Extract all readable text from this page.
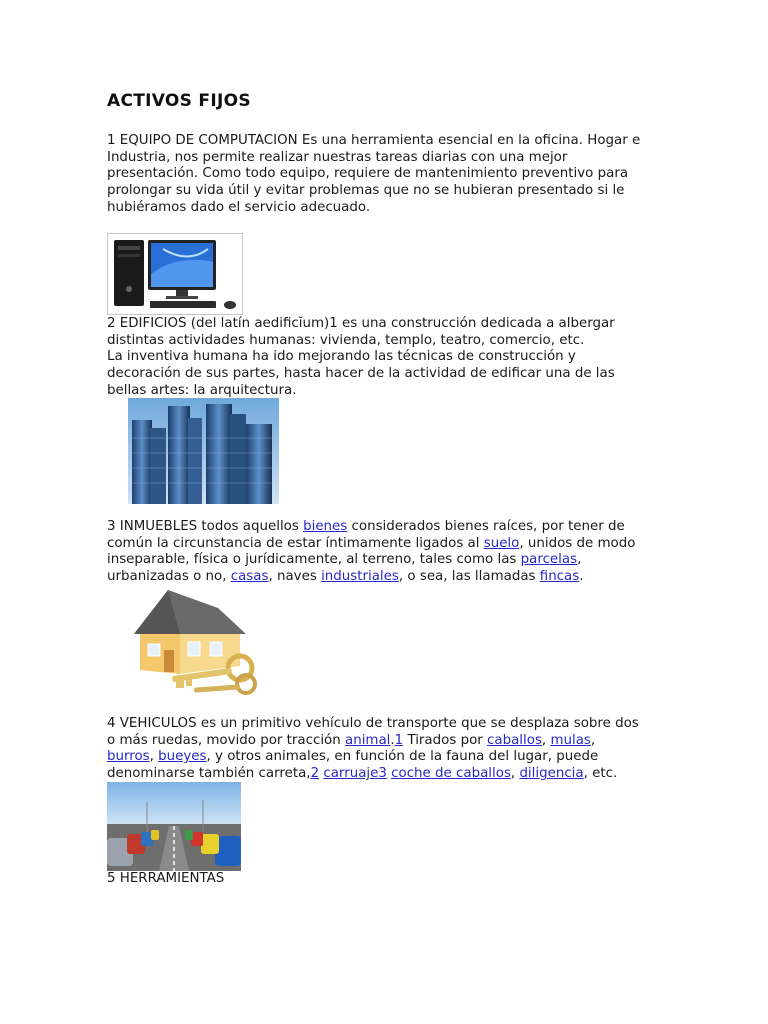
ACTIVOS FIJOS

1 EQUIPO DE COMPUTACION Es una herramienta esencial en la oficina. Hogar e
Industria, nos permite realizar nuestras tareas diarias con una mejor
presentación. Como todo equipo, requiere de mantenimiento preventivo para
prolongar su vida útil y evitar problemas que no se hubieran presentado si le
hubiéramos dado el servicio adecuado.

2 EDIFICIOS (del latín aedificĭum)1 es una construcción dedicada a albergar
distintas actividades humanas: vivienda, templo, teatro, comercio, etc.
La inventiva humana ha ido mejorando las técnicas de construcción y
decoración de sus partes, hasta hacer de la actividad de edificar una de las
bellas artes: la arquitectura.

3 INMUEBLES todos aquellos bienes considerados bienes raíces, por tener de
común la circunstancia de estar íntimamente ligados al suelo, unidos de modo
inseparable, física o jurídicamente, al terreno, tales como las parcelas,
urbanizadas o no, casas, naves industriales, o sea, las llamadas fincas.

4 VEHICULOS es un primitivo vehículo de transporte que se desplaza sobre dos
o más ruedas, movido por tracción animal.1 Tirados por caballos, mulas,
burros, bueyes, y otros animales, en función de la fauna del lugar, puede
denominarse también carreta,2 carruaje3 coche de caballos, diligencia, etc.

5 HERRAMIENTAS
